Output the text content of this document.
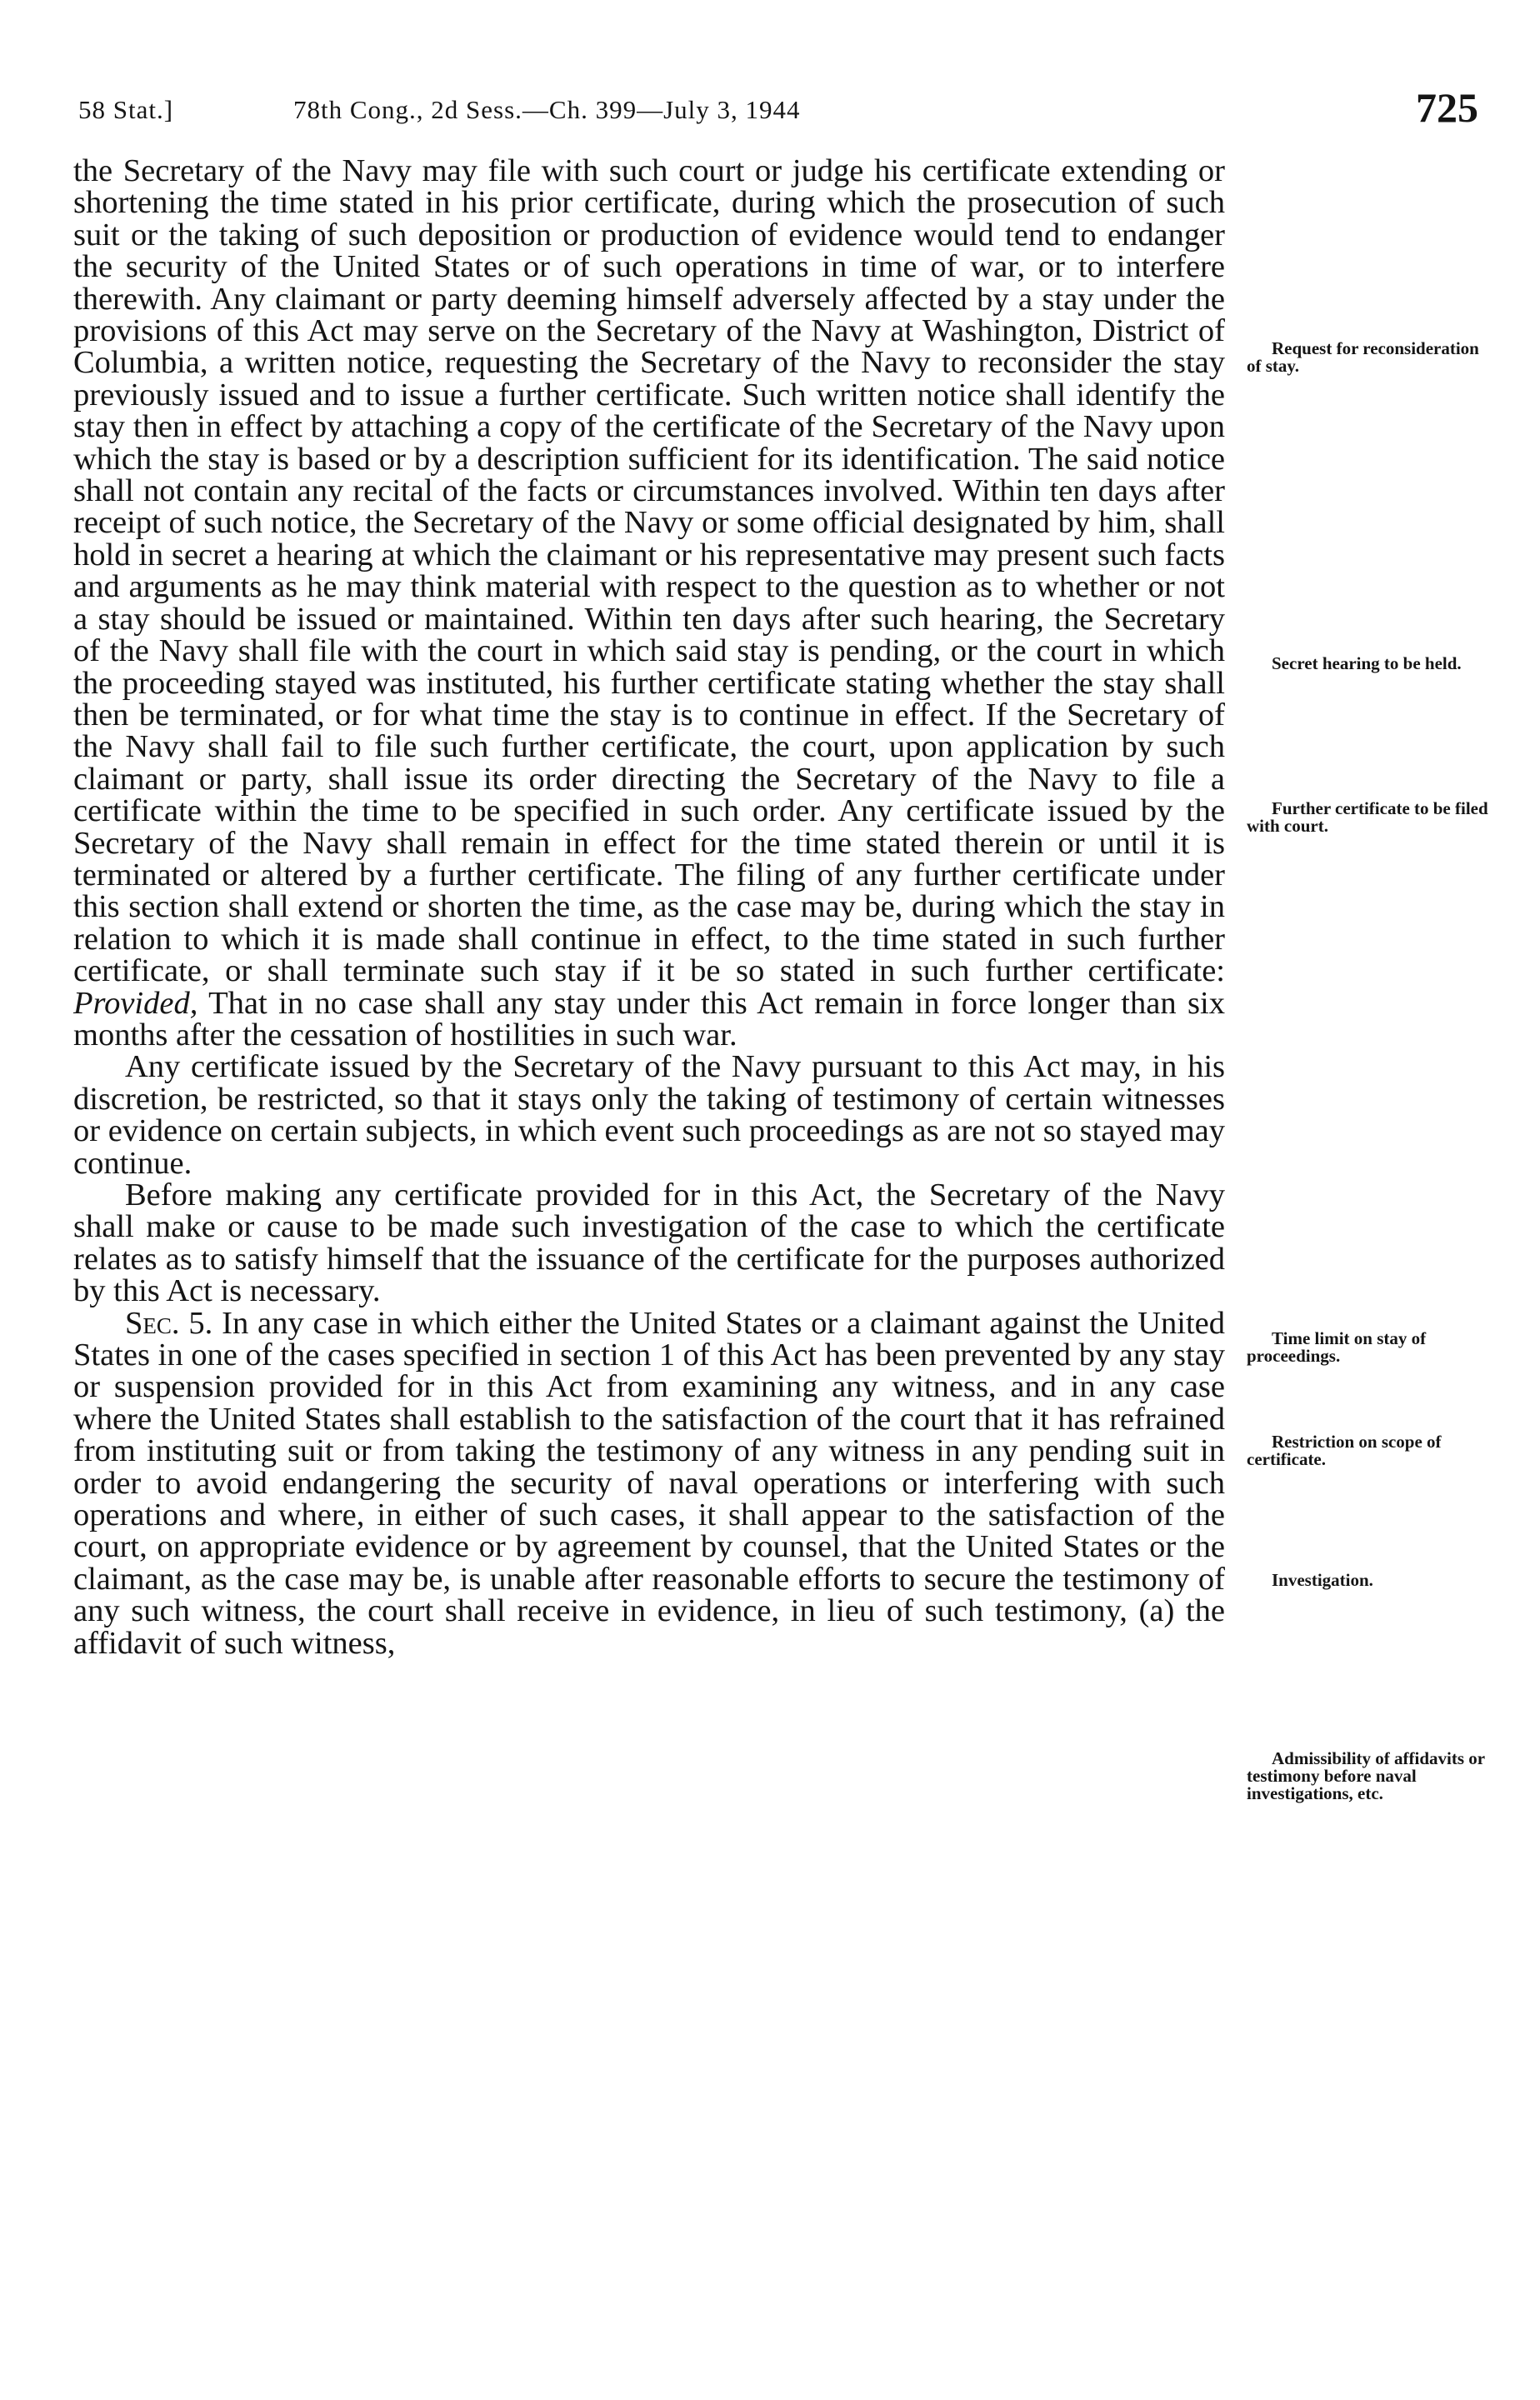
58 Stat.]	78th Cong., 2d Sess.—Ch. 399—July 3, 1944	725

the Secretary of the Navy may file with such court or judge his certificate extending or shortening the time stated in his prior certificate, during which the prosecution of such suit or the taking of such deposition or production of evidence would tend to endanger the security of the United States or of such operations in time of war, or to interfere therewith. Any claimant or party deeming himself adversely affected by a stay under the provisions of this Act may serve on the Secretary of the Navy at Washington, District of Columbia, a written notice, requesting the Secretary of the Navy to reconsider the stay previously issued and to issue a further certificate. Such written notice shall identify the stay then in effect by attaching a copy of the certificate of the Secretary of the Navy upon which the stay is based or by a description sufficient for its identification. The said notice shall not contain any recital of the facts or circumstances involved. Within ten days after receipt of such notice, the Secretary of the Navy or some official designated by him, shall hold in secret a hearing at which the claimant or his representative may present such facts and arguments as he may think material with respect to the question as to whether or not a stay should be issued or maintained. Within ten days after such hearing, the Secretary of the Navy shall file with the court in which said stay is pending, or the court in which the proceeding stayed was instituted, his further certificate stating whether the stay shall then be terminated, or for what time the stay is to continue in effect. If the Secretary of the Navy shall fail to file such further certificate, the court, upon application by such claimant or party, shall issue its order directing the Secretary of the Navy to file a certificate within the time to be specified in such order. Any certificate issued by the Secretary of the Navy shall remain in effect for the time stated therein or until it is terminated or altered by a further certificate. The filing of any further certificate under this section shall extend or shorten the time, as the case may be, during which the stay in relation to which it is made shall continue in effect, to the time stated in such further certificate, or shall terminate such stay if it be so stated in such further certificate: Provided, That in no case shall any stay under this Act remain in force longer than six months after the cessation of hostilities in such war.

Any certificate issued by the Secretary of the Navy pursuant to this Act may, in his discretion, be restricted, so that it stays only the taking of testimony of certain witnesses or evidence on certain subjects, in which event such proceedings as are not so stayed may continue.

Before making any certificate provided for in this Act, the Secretary of the Navy shall make or cause to be made such investigation of the case to which the certificate relates as to satisfy himself that the issuance of the certificate for the purposes authorized by this Act is necessary.

Sec. 5. In any case in which either the United States or a claimant against the United States in one of the cases specified in section 1 of this Act has been prevented by any stay or suspension provided for in this Act from examining any witness, and in any case where the United States shall establish to the satisfaction of the court that it has refrained from instituting suit or from taking the testimony of any witness in any pending suit in order to avoid endangering the security of naval operations or interfering with such operations and where, in either of such cases, it shall appear to the satisfaction of the court, on appropriate evidence or by agreement by counsel, that the United States or the claimant, as the case may be, is unable after reasonable efforts to secure the testimony of any such witness, the court shall receive in evidence, in lieu of such testimony, (a) the affidavit of such witness,

Request for reconsideration of stay.
Secret hearing to be held.
Further certificate to be filed with court.
Time limit on stay of proceedings.
Restriction on scope of certificate.
Investigation.
Admissibility of affidavits or testimony before naval investigations, etc.
